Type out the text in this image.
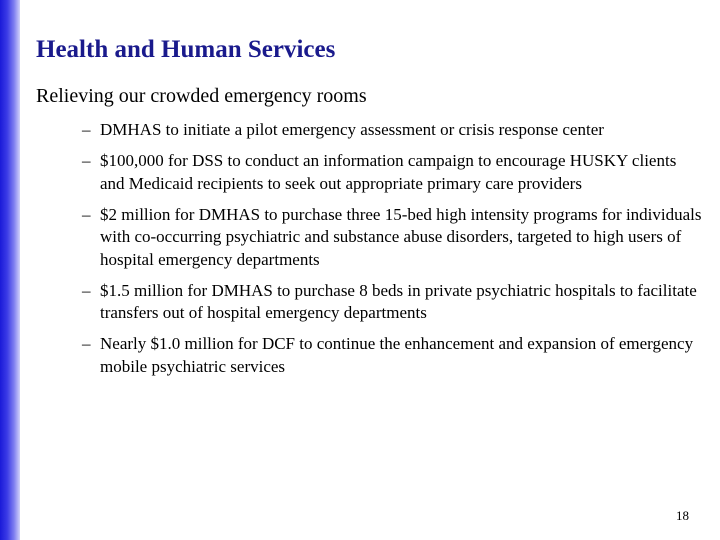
Health and Human Services

Relieving our crowded emergency rooms

– DMHAS to initiate a pilot emergency assessment or crisis response center
– $100,000 for DSS to conduct an information campaign to encourage HUSKY clients and Medicaid recipients to seek out appropriate primary care providers
– $2 million for DMHAS to purchase three 15-bed high intensity programs for individuals with co-occurring psychiatric and substance abuse disorders, targeted to high users of hospital emergency departments
– $1.5 million for DMHAS to purchase 8 beds in private psychiatric hospitals to facilitate transfers out of hospital emergency departments
– Nearly $1.0 million for DCF to continue the enhancement and expansion of emergency mobile psychiatric services
18
